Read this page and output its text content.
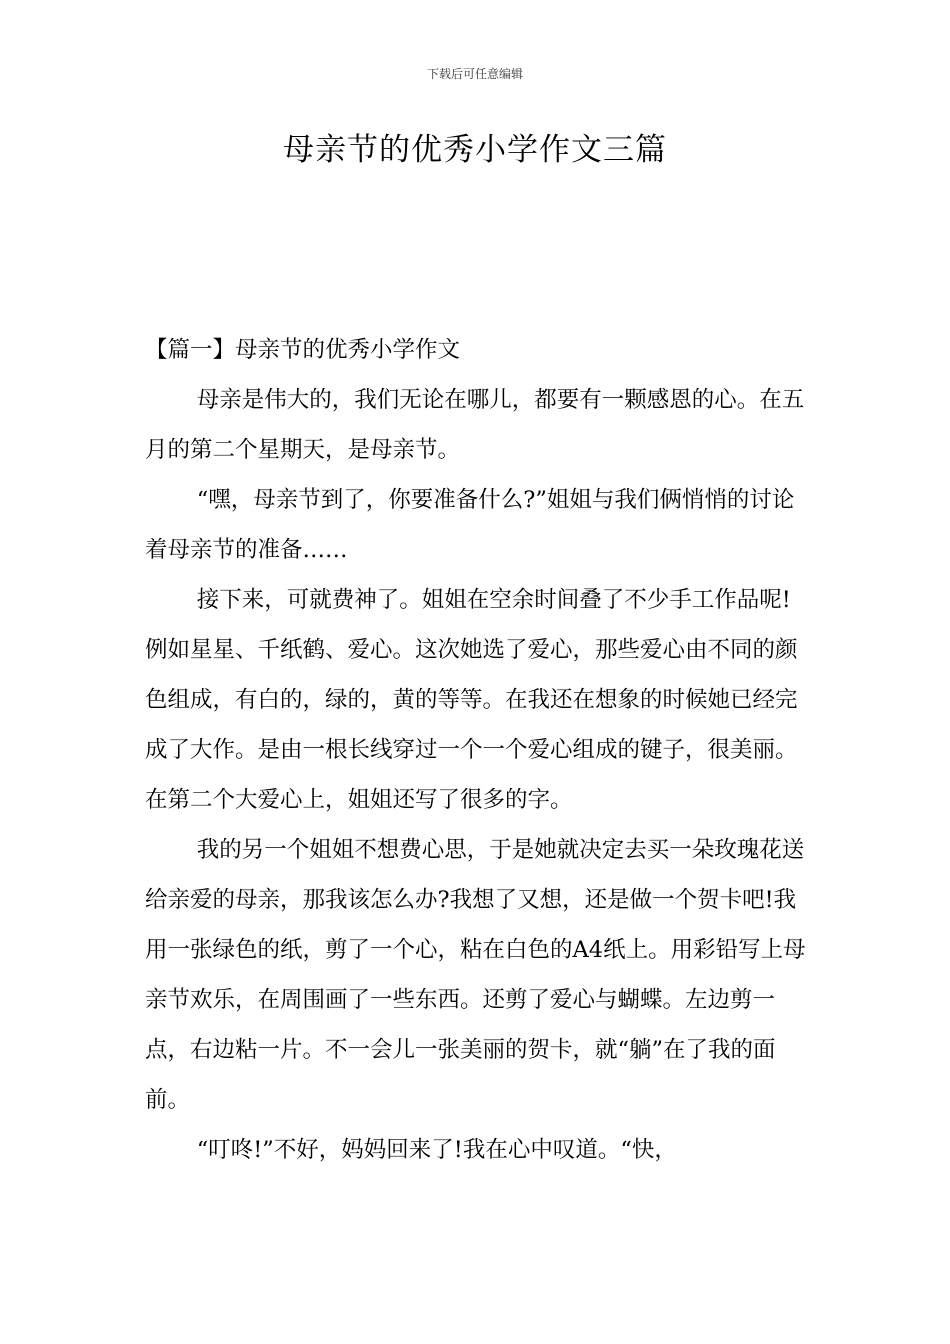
下载后可任意编辑
母亲节的优秀小学作文三篇

【篇一】母亲节的优秀小学作文

母亲是伟大的，我们无论在哪儿，都要有一颗感恩的心。在五月的第二个星期天，是母亲节。

“嘿，母亲节到了，你要准备什么?”姐姐与我们俩悄悄的讨论着母亲节的准备……

接下来，可就费神了。姐姐在空余时间叠了不少手工作品呢!例如星星、千纸鹤、爱心。这次她选了爱心，那些爱心由不同的颜色组成，有白的，绿的，黄的等等。在我还在想象的时候她已经完成了大作。是由一根长线穿过一个一个爱心组成的键子，很美丽。在第二个大爱心上，姐姐还写了很多的字。

我的另一个姐姐不想费心思，于是她就决定去买一朵玫瑰花送给亲爱的母亲，那我该怎么办?我想了又想，还是做一个贺卡吧!我用一张绿色的纸，剪了一个心，粘在白色的A4纸上。用彩铅写上母亲节欢乐，在周围画了一些东西。还剪了爱心与蝴蝶。左边剪一点，右边粘一片。不一会儿一张美丽的贺卡，就“躺”在了我的面前。

“叮咚!”不好，妈妈回来了!我在心中叹道。“快，
